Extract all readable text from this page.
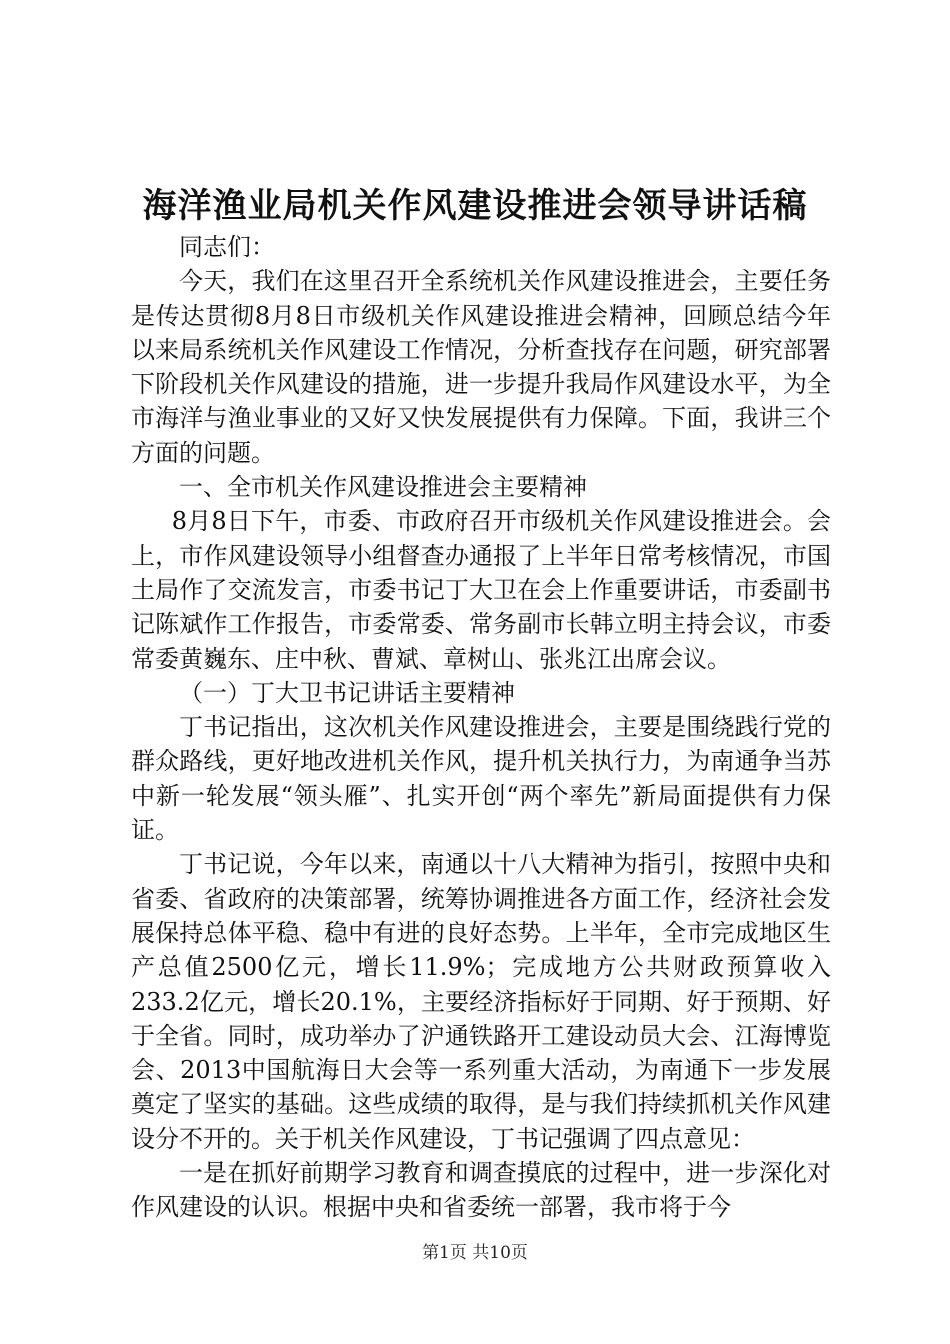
海洋渔业局机关作风建设推进会领导讲话稿

同志们：

今天，我们在这里召开全系统机关作风建设推进会，主要任务是传达贯彻8月8日市级机关作风建设推进会精神，回顾总结今年以来局系统机关作风建设工作情况，分析查找存在问题，研究部署下阶段机关作风建设的措施，进一步提升我局作风建设水平，为全市海洋与渔业事业的又好又快发展提供有力保障。下面，我讲三个方面的问题。

一、全市机关作风建设推进会主要精神

8月8日下午，市委、市政府召开市级机关作风建设推进会。会上，市作风建设领导小组督查办通报了上半年日常考核情况，市国土局作了交流发言，市委书记丁大卫在会上作重要讲话，市委副书记陈斌作工作报告，市委常委、常务副市长韩立明主持会议，市委常委黄巍东、庄中秋、曹斌、章树山、张兆江出席会议。

（一）丁大卫书记讲话主要精神

丁书记指出，这次机关作风建设推进会，主要是围绕践行党的群众路线，更好地改进机关作风，提升机关执行力，为南通争当苏中新一轮发展“领头雁”、扎实开创“两个率先”新局面提供有力保证。

丁书记说，今年以来，南通以十八大精神为指引，按照中央和省委、省政府的决策部署，统筹协调推进各方面工作，经济社会发展保持总体平稳、稳中有进的良好态势。上半年，全市完成地区生产总值2500亿元，增长11.9%；完成地方公共财政预算收入233.2亿元，增长20.1%，主要经济指标好于同期、好于预期、好于全省。同时，成功举办了沪通铁路开工建设动员大会、江海博览会、2013中国航海日大会等一系列重大活动，为南通下一步发展奠定了坚实的基础。这些成绩的取得，是与我们持续抓机关作风建设分不开的。关于机关作风建设，丁书记强调了四点意见：

一是在抓好前期学习教育和调查摸底的过程中，进一步深化对作风建设的认识。根据中央和省委统一部署，我市将于今

第1页 共10页
